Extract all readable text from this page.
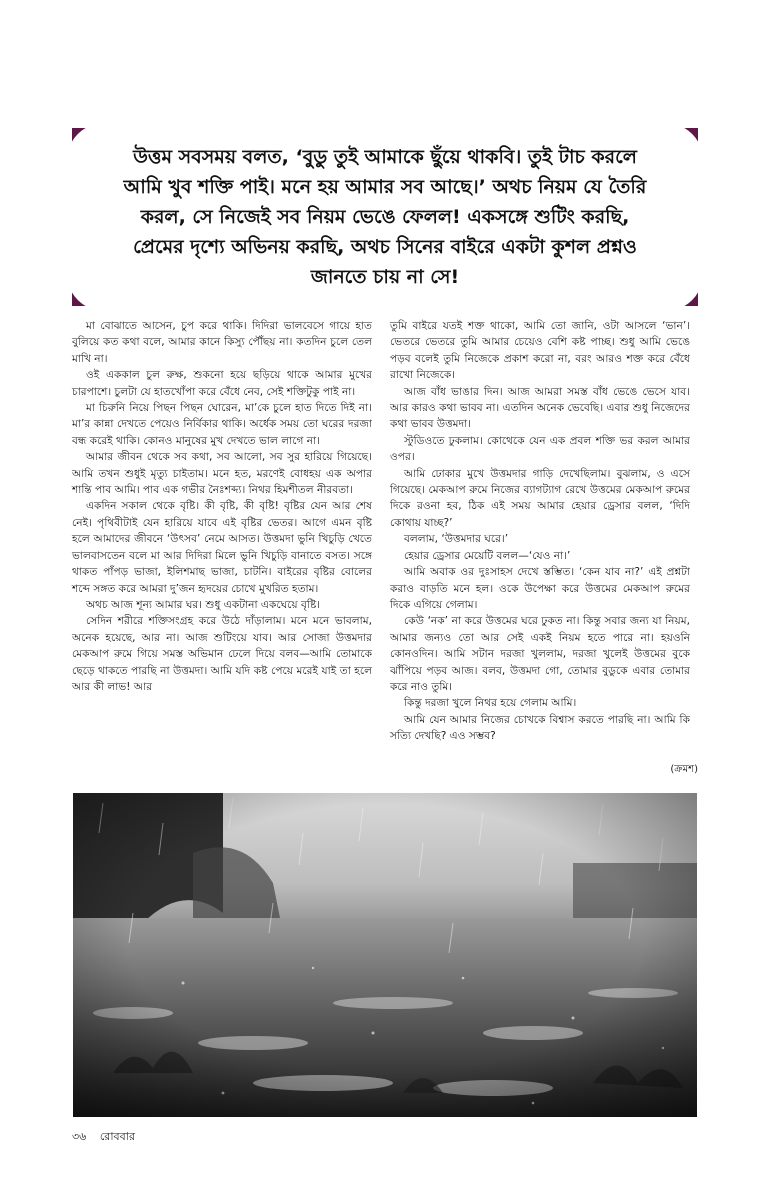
উত্তম সবসময় বলত, ‘বুডু তুই আমাকে ছুঁয়ে থাকবি। তুই টাচ করলে
আমি খুব শক্তি পাই। মনে হয় আমার সব আছে।’ অথচ নিয়ম যে তৈরি
করল, সে নিজেই সব নিয়ম ভেঙে ফেলল! একসঙ্গে শুটিং করছি,
প্রেমের দৃশ্যে অভিনয় করছি, অথচ সিনের বাইরে একটা কুশল প্রশ্নও
জানতে চায় না সে!

মা বোঝাতে আসেন, চুপ করে থাকি। দিদিরা ভালবেসে গায়ে হাত বুলিয়ে কত কথা বলে, আমার কানে কিস্যু পৌঁছয় না। কতদিন চুলে তেল মাখি না।

ওই এককাল চুল রুক্ষ, শুকনো হয়ে ছড়িয়ে থাকে আমার মুখের চারপাশে। চুলটা যে হাতখোঁপা করে বেঁধে নেব, সেই শক্তিটুকু পাই না।

মা চিরুনি নিয়ে পিছন পিছন ঘোরেন, মা’কে চুলে হাত দিতে দিই না। মা’র কান্না দেখতে পেয়েও নির্বিকার থাকি। অর্ধেক সময় তো ঘরের দরজা বন্ধ করেই থাকি। কোনও মানুষের মুখ দেখতে ভাল লাগে না।

আমার জীবন থেকে সব কথা, সব আলো, সব সুর হারিয়ে গিয়েছে। আমি তখন শুধুই মৃত্যু চাইতাম। মনে হত, মরণেই বোধহয় এক অপার শান্তি পাব আমি। পাব এক গভীর নৈঃশব্দ্য। নিথর হিমশীতল নীরবতা।

একদিন সকাল থেকে বৃষ্টি। কী বৃষ্টি, কী বৃষ্টি! বৃষ্টির যেন আর শেষ নেই। পৃথিবীটাই যেন হারিয়ে যাবে এই বৃষ্টির ভেতর। আগে এমন বৃষ্টি হলে আমাদের জীবনে ‘উৎসব’ নেমে আসত। উত্তমদা ভুনি খিচুড়ি খেতে ভালবাসতেন বলে মা আর দিদিরা মিলে ভুনি খিচুড়ি বানাতে বসত। সঙ্গে থাকত পাঁপড় ভাজা, ইলিশমাছ ভাজা, চাটনি। বাইরের বৃষ্টির বোলের শব্দে সঙ্গত করে আমরা দু’জন হৃদয়ের চোখে মুখরিত হতাম।

অথচ আজ শূন্য আমার ঘর। শুধু একটানা একঘেয়ে বৃষ্টি।

সেদিন শরীরে শক্তিসংগ্রহ করে উঠে দাঁড়ালাম। মনে মনে ভাবলাম, অনেক হয়েছে, আর না। আজ শুটিংয়ে যাব। আর সোজা উত্তমদার মেকআপ রুমে গিয়ে সমস্ত অভিমান ঢেলে দিয়ে বলব—আমি তোমাকে ছেড়ে থাকতে পারছি না উত্তমদা। আমি যদি কষ্ট পেয়ে মরেই যাই তা হলে আর কী লাভ! আর

তুমি বাইরে যতই শক্ত থাকো, আমি তো জানি, ওটা আসলে ‘ভান’। ভেতরে ভেতরে তুমি আমার চেয়েও বেশি কষ্ট পাচ্ছ। শুধু আমি ভেঙে পড়ব বলেই তুমি নিজেকে প্রকাশ করো না, বরং আরও শক্ত করে বেঁধে রাখো নিজেকে।

আজ বাঁধ ভাঙার দিন। আজ আমরা সমস্ত বাঁধ ভেঙে ভেসে যাব। আর কারও কথা ভাবব না। এতদিন অনেক ভেবেছি। এবার শুধু নিজেদের কথা ভাবব উত্তমদা।

স্টুডিওতে ঢুকলাম। কোথেকে যেন এক প্রবল শক্তি ভর করল আমার ওপর।

আমি ঢোকার মুখে উত্তমদার গাড়ি দেখেছিলাম। বুঝলাম, ও এসে গিয়েছে। মেকআপ রুমে নিজের ব্যাগট্যাগ রেখে উত্তমের মেকআপ রুমের দিকে রওনা হব, ঠিক এই সময় আমার হেয়ার ড্রেসার বলল, ‘দিদি কোথায় যাচ্ছ?’

বললাম, ‘উত্তমদার ঘরে।’

হেয়ার ড্রেসার মেয়েটি বলল—‘যেও না।’

আমি অবাক ওর দুঃসাহস দেখে স্তম্ভিত। ‘কেন যাব না?’ এই প্রশ্নটা করাও বাড়তি মনে হল। ওকে উপেক্ষা করে উত্তমের মেকআপ রুমের দিকে এগিয়ে গেলাম।

কেউ ‘নক’ না করে উত্তমের ঘরে ঢুকত না। কিন্তু সবার জন্য যা নিয়ম, আমার জন্যও তো আর সেই একই নিয়ম হতে পারে না। হয়ওনি কোনওদিন। আমি সটান দরজা খুললাম, দরজা খুলেই উত্তমের বুকে ঝাঁপিয়ে পড়ব আজ। বলব, উত্তমদা গো, তোমার বুডুকে এবার তোমার করে নাও তুমি।

কিন্তু দরজা খুলে নিথর হয়ে গেলাম আমি।

আমি যেন আমার নিজের চোখকে বিশ্বাস করতে পারছি না। আমি কি সত্যি দেখছি? এও সম্ভব?

(ক্রমশ)
৩৬ রোববার
